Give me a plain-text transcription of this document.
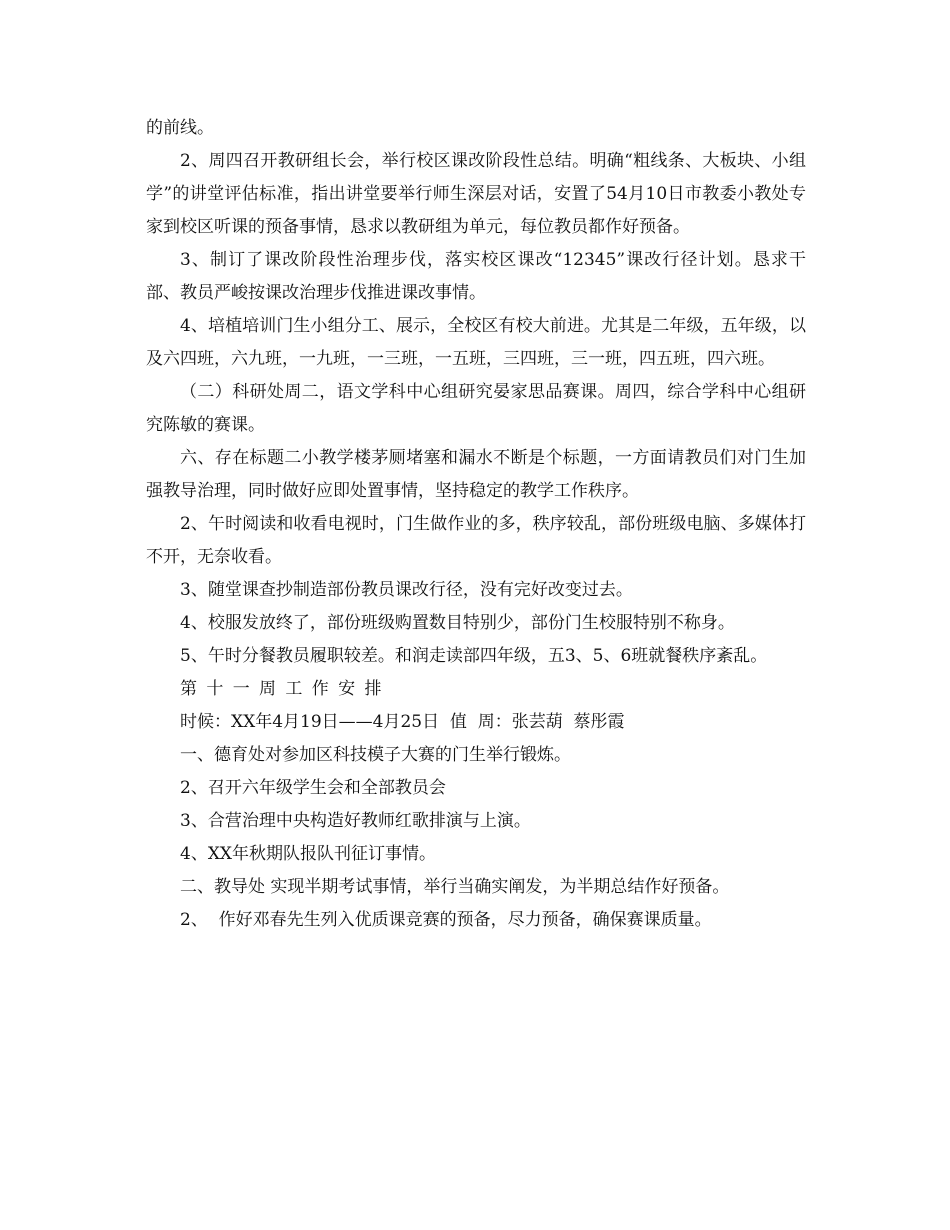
的前线。

2、周四召开教研组长会，举行校区课改阶段性总结。明确“粗线条、大板块、小组学”的讲堂评估标准，指出讲堂要举行师生深层对话，安置了54月10日市教委小教处专家到校区听课的预备事情，恳求以教研组为单元，每位教员都作好预备。

3、制订了课改阶段性治理步伐，落实校区课改“12345”课改行径计划。恳求干部、教员严峻按课改治理步伐推进课改事情。

4、培植培训门生小组分工、展示，全校区有校大前进。尤其是二年级，五年级，以及六四班，六九班，一九班，一三班，一五班，三四班，三一班，四五班，四六班。

（二）科研处周二，语文学科中心组研究晏家思品赛课。周四，综合学科中心组研究陈敏的赛课。

六、存在标题二小教学楼茅厕堵塞和漏水不断是个标题，一方面请教员们对门生加强教导治理，同时做好应即处置事情，坚持稳定的教学工作秩序。

2、午时阅读和收看电视时，门生做作业的多，秩序较乱，部份班级电脑、多媒体打不开，无奈收看。

3、随堂课查抄制造部份教员课改行径，没有完好改变过去。

4、校服发放终了，部份班级购置数目特别少，部份门生校服特别不称身。

5、午时分餐教员履职较差。和润走读部四年级，五3、5、6班就餐秩序紊乱。

第十一周工作安排

时候：XX年4月19日——4月25日  值  周：张芸葫  蔡彤霞

一、德育处对参加区科技模子大赛的门生举行锻炼。

2、召开六年级学生会和全部教员会

3、合营治理中央构造好教师红歌排演与上演。

4、XX年秋期队报队刊征订事情。

二、教导处 实现半期考试事情，举行当确实阐发，为半期总结作好预备。

2、  作好邓春先生列入优质课竞赛的预备，尽力预备，确保赛课质量。
